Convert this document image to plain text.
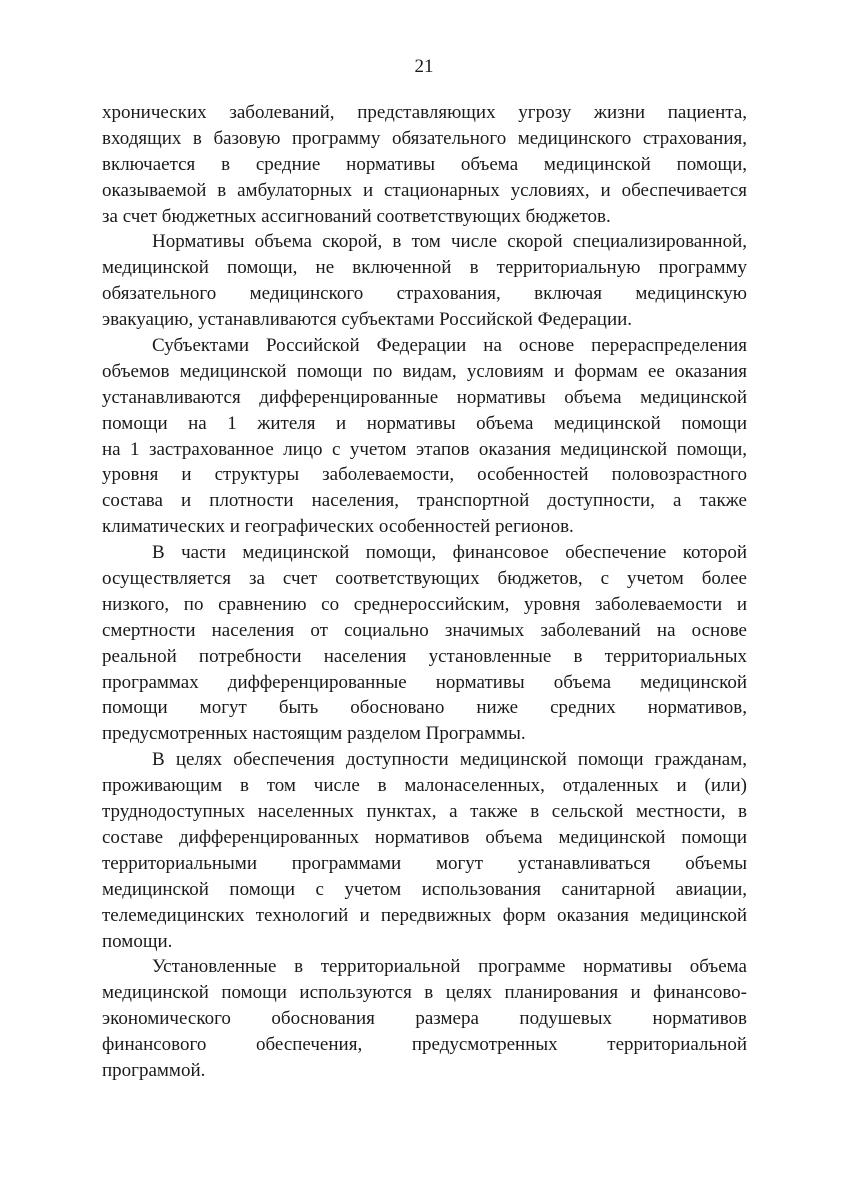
21

хронических заболеваний, представляющих угрозу жизни пациента,
входящих в базовую программу обязательного медицинского страхования,
включается в средние нормативы объема медицинской помощи,
оказываемой в амбулаторных и стационарных условиях, и обеспечивается
за счет бюджетных ассигнований соответствующих бюджетов.

Нормативы объема скорой, в том числе скорой специализированной,
медицинской помощи, не включенной в территориальную программу
обязательного медицинского страхования, включая медицинскую
эвакуацию, устанавливаются субъектами Российской Федерации.

Субъектами Российской Федерации на основе перераспределения
объемов медицинской помощи по видам, условиям и формам ее оказания
устанавливаются дифференцированные нормативы объема медицинской
помощи на 1 жителя и нормативы объема медицинской помощи
на 1 застрахованное лицо с учетом этапов оказания медицинской помощи,
уровня и структуры заболеваемости, особенностей половозрастного
состава и плотности населения, транспортной доступности, а также
климатических и географических особенностей регионов.

В части медицинской помощи, финансовое обеспечение которой
осуществляется за счет соответствующих бюджетов, с учетом более
низкого, по сравнению со среднероссийским, уровня заболеваемости и
смертности населения от социально значимых заболеваний на основе
реальной потребности населения установленные в территориальных
программах дифференцированные нормативы объема медицинской
помощи могут быть обосновано ниже средних нормативов,
предусмотренных настоящим разделом Программы.

В целях обеспечения доступности медицинской помощи гражданам,
проживающим в том числе в малонаселенных, отдаленных и (или)
труднодоступных населенных пунктах, а также в сельской местности, в
составе дифференцированных нормативов объема медицинской помощи
территориальными программами могут устанавливаться объемы
медицинской помощи с учетом использования санитарной авиации,
телемедицинских технологий и передвижных форм оказания медицинской
помощи.

Установленные в территориальной программе нормативы объема
медицинской помощи используются в целях планирования и финансово-
экономического обоснования размера подушевых нормативов
финансового обеспечения, предусмотренных территориальной
программой.
